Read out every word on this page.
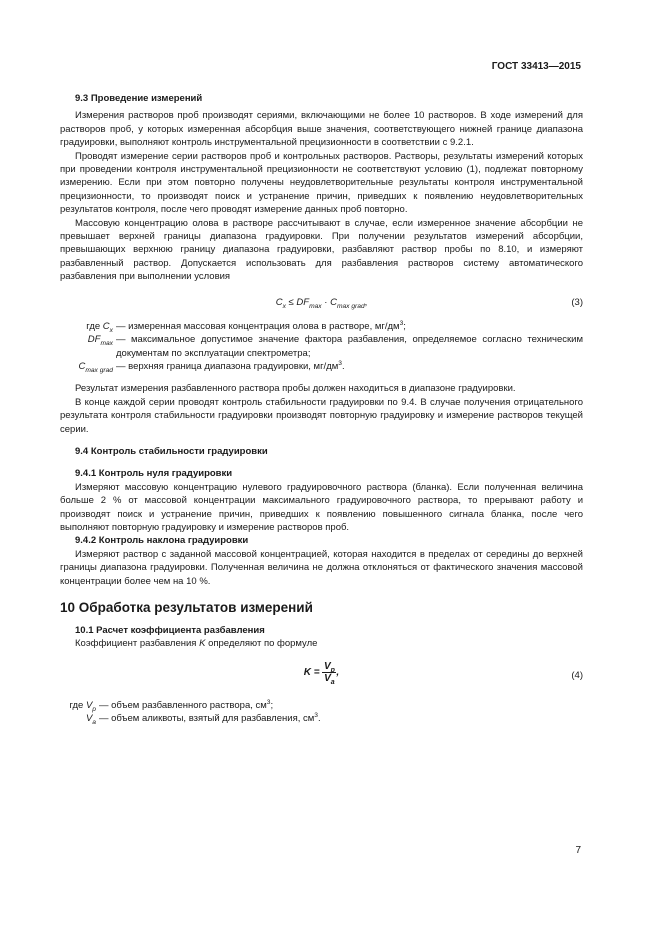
ГОСТ 33413—2015
9.3 Проведение измерений

Измерения растворов проб производят сериями, включающими не более 10 растворов. В ходе измерений для растворов проб, у которых измеренная абсорбция выше значения, соответствующего нижней границе диапазона градуировки, выполняют контроль инструментальной прецизионности в соответствии с 9.2.1.

Проводят измерение серии растворов проб и контрольных растворов. Растворы, результаты измерений которых при проведении контроля инструментальной прецизионности не соответствуют условию (1), подлежат повторному измерению. Если при этом повторно получены неудовлетворительные результаты контроля инструментальной прецизионности, то производят поиск и устранение причин, приведших к появлению неудовлетворительных результатов контроля, после чего проводят измерение данных проб повторно.

Массовую концентрацию олова в растворе рассчитывают в случае, если измеренное значение абсорбции не превышает верхней границы диапазона градуировки. При получении результатов измерений абсорбции, превышающих верхнюю границу диапазона градуировки, разбавляют раствор пробы по 8.10, и измеряют разбавленный раствор. Допускается использовать для разбавления растворов систему автоматического разбавления при выполнении условия

$C_x \le DF_{max} \cdot C_{max grad}$,	(3)
где $C_x$ — измеренная массовая концентрация олова в растворе, $мг/дм^3$;
$DF_{max}$ — максимальное допустимое значение фактора разбавления, определяемое согласно техническим документам по эксплуатации спектрометра;
$C_{max grad}$ — верхняя граница диапазона градуировки, $мг/дм^3$.

Результат измерения разбавленного раствора пробы должен находиться в диапазоне градуировки.

В конце каждой серии проводят контроль стабильности градуировки по 9.4. В случае получения отрицательного результата контроля стабильности градуировки производят повторную градуировку и измерение растворов текущей серии.

9.4 Контроль стабильности градуировки
9.4.1 Контроль нуля градуировки

Измеряют массовую концентрацию нулевого градуировочного раствора (бланка). Если полученная величина больше 2 % от массовой концентрации максимального градуировочного раствора, то прерывают работу и производят поиск и устранение причин, приведших к появлению повышенного сигнала бланка, после чего выполняют повторную градуировку и измерение растворов проб.

9.4.2 Контроль наклона градуировки

Измеряют раствор с заданной массовой концентрацией, которая находится в пределах от середины до верхней границы диапазона градуировки. Полученная величина не должна отклоняться от фактического значения массовой концентрации более чем на 10 %.

10 Обработка результатов измерений
10.1 Расчет коэффициента разбавления

Коэффициент разбавления K определяют по формуле

$K = \frac{V_p}{V_a}$ ,	(4)
где $V_p$ — объем разбавленного раствора, $см^3$;
$V_a$ — объем аликвоты, взятый для разбавления, $см^3$.
7
